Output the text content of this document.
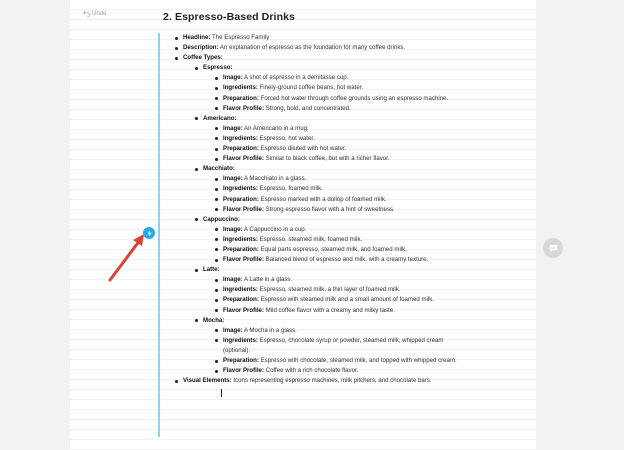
Undo	2. Espresso-Based Drinks
Headline: The Espresso Family
Description: An explanation of espresso as the foundation for many coffee drinks.
Coffee Types:
Espresso:
Image: A shot of espresso in a demitasse cup.
Ingredients: Finely-ground coffee beans, hot water.
Preparation: Forced hot water through coffee grounds using an espresso machine.
Flavor Profile: Strong, bold, and concentrated.
Americano:
Image: An Americano in a mug.
Ingredients: Espresso, hot water.
Preparation: Espresso diluted with hot water.
Flavor Profile: Similar to black coffee, but with a richer flavor.
Macchiato:
Image: A Macchiato in a glass.
Ingredients: Espresso, foamed milk.
Preparation: Espresso marked with a dollop of foamed milk.
Flavor Profile: Strong espresso flavor with a hint of sweetness.
Cappuccino:
Image: A Cappuccino in a cup.
Ingredients: Espresso, steamed milk, foamed milk.
Preparation: Equal parts espresso, steamed milk, and foamed milk.
Flavor Profile: Balanced blend of espresso and milk, with a creamy texture.
Latte:
Image: A Latte in a glass.
Ingredients: Espresso, steamed milk, a thin layer of foamed milk.
Preparation: Espresso with steamed milk and a small amount of foamed milk.
Flavor Profile: Mild coffee flavor with a creamy and milky taste.
Mocha:
Image: A Mocha in a glass.
Ingredients: Espresso, chocolate syrup or powder, steamed milk, whipped cream (optional).
Preparation: Espresso with chocolate, steamed milk, and topped with whipped cream.
Flavor Profile: Coffee with a rich chocolate flavor.
Visual Elements: Icons representing espresso machines, milk pitchers, and chocolate bars.
